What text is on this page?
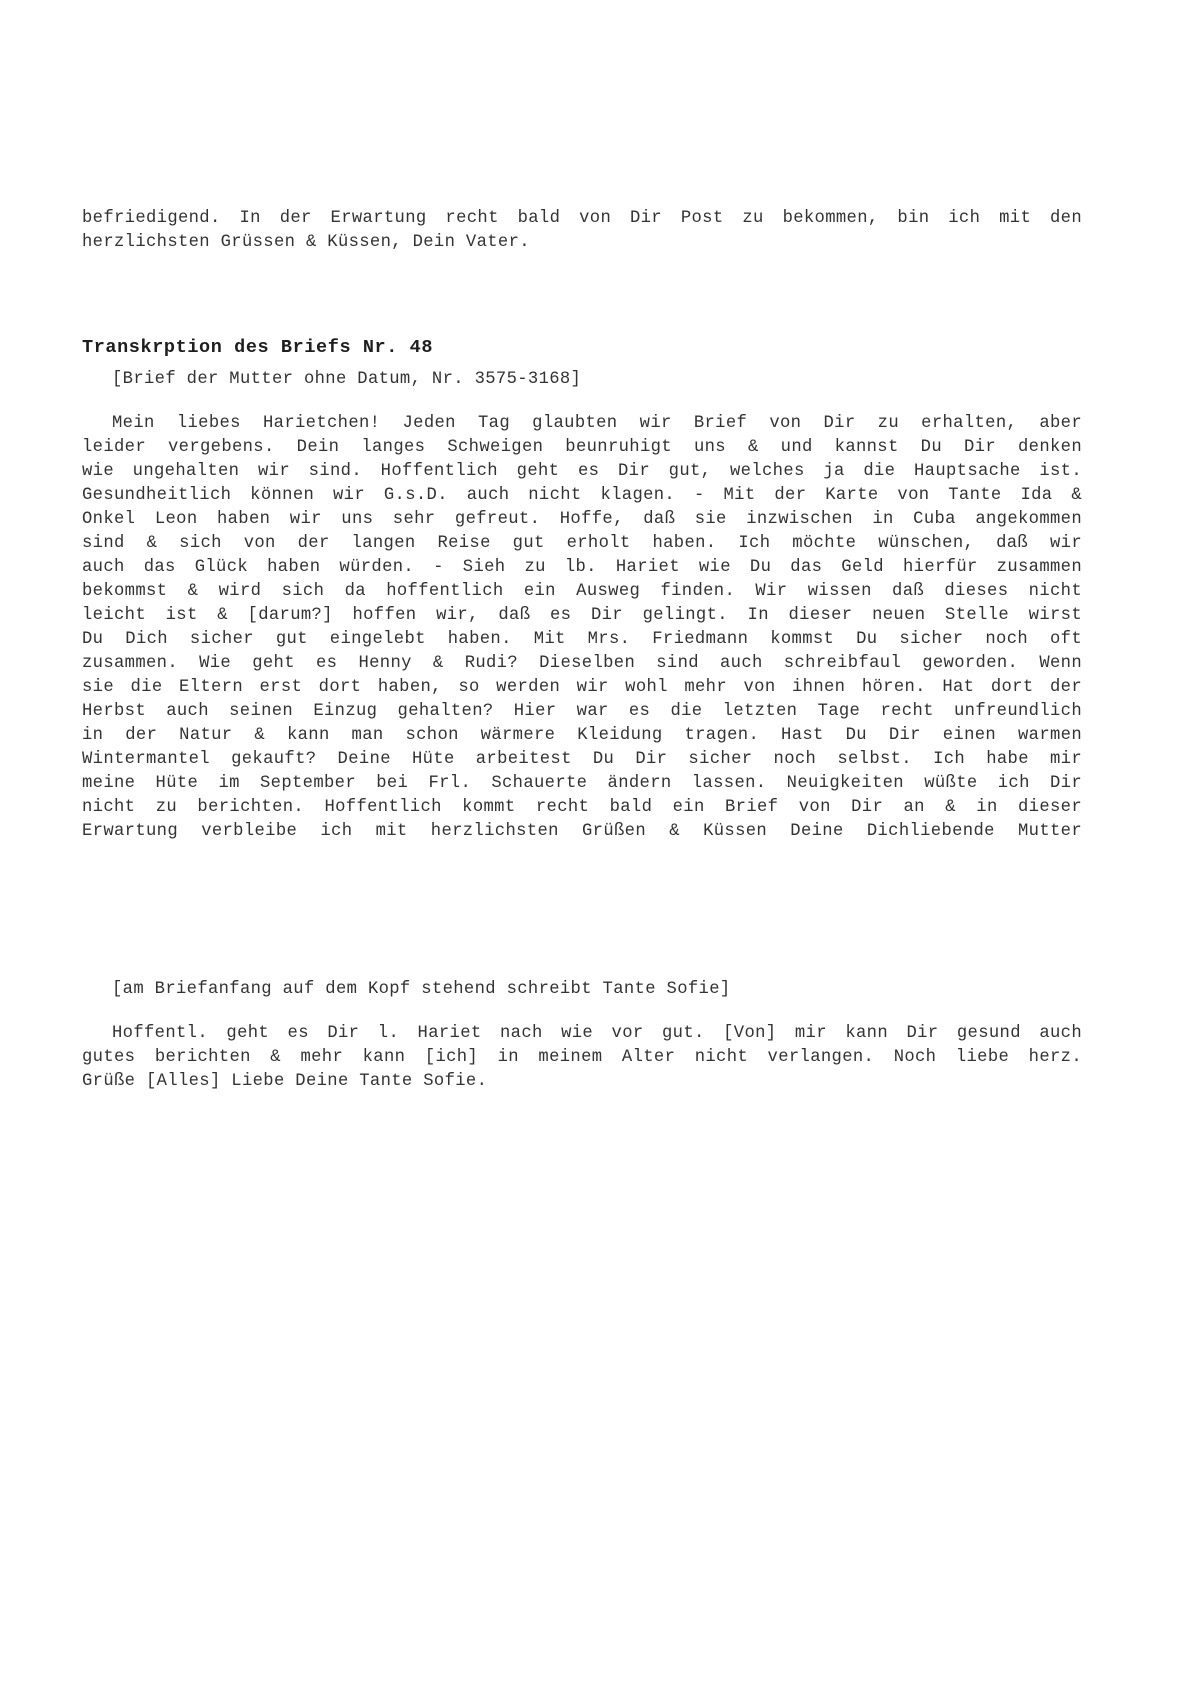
befriedigend. In der Erwartung recht bald von Dir Post zu bekommen, bin ich mit den
herzlichsten Grüssen & Küssen, Dein Vater.
Transkrption des Briefs Nr. 48
[Brief der Mutter ohne Datum, Nr. 3575-3168]
Mein liebes Harietchen! Jeden Tag glaubten wir Brief von Dir zu erhalten, aber
leider vergebens. Dein langes Schweigen beunruhigt uns & und kannst Du Dir denken
wie ungehalten wir sind. Hoffentlich geht es Dir gut, welches ja die Hauptsache ist.
Gesundheitlich können wir G.s.D. auch nicht klagen. - Mit der Karte von Tante Ida &
Onkel Leon haben wir uns sehr gefreut. Hoffe, daß sie inzwischen in Cuba angekommen
sind & sich von der langen Reise gut erholt haben. Ich möchte wünschen, daß wir
auch das Glück haben würden. - Sieh zu lb. Hariet wie Du das Geld hierfür zusammen
bekommst & wird sich da hoffentlich ein Ausweg finden. Wir wissen daß dieses nicht
leicht ist & [darum?] hoffen wir, daß es Dir gelingt. In dieser neuen Stelle wirst
Du Dich sicher gut eingelebt haben. Mit Mrs. Friedmann kommst Du sicher noch oft
zusammen. Wie geht es Henny & Rudi? Dieselben sind auch schreibfaul geworden. Wenn
sie die Eltern erst dort haben, so werden wir wohl mehr von ihnen hören. Hat dort der
Herbst auch seinen Einzug gehalten? Hier war es die letzten Tage recht unfreundlich
in der Natur & kann man schon wärmere Kleidung tragen. Hast Du Dir einen warmen
Wintermantel gekauft? Deine Hüte arbeitest Du Dir sicher noch selbst. Ich habe mir
meine Hüte im September bei Frl. Schauerte ändern lassen. Neuigkeiten wüßte ich Dir
nicht zu berichten. Hoffentlich kommt recht bald ein Brief von Dir an & in dieser
Erwartung verbleibe ich mit herzlichsten Grüßen & Küssen Deine Dichliebende Mutter
[am Briefanfang auf dem Kopf stehend schreibt Tante Sofie]
Hoffentl. geht es Dir l. Hariet nach wie vor gut. [Von] mir kann Dir gesund auch
gutes berichten & mehr kann [ich] in meinem Alter nicht verlangen. Noch liebe herz.
Grüße [Alles] Liebe Deine Tante Sofie.
